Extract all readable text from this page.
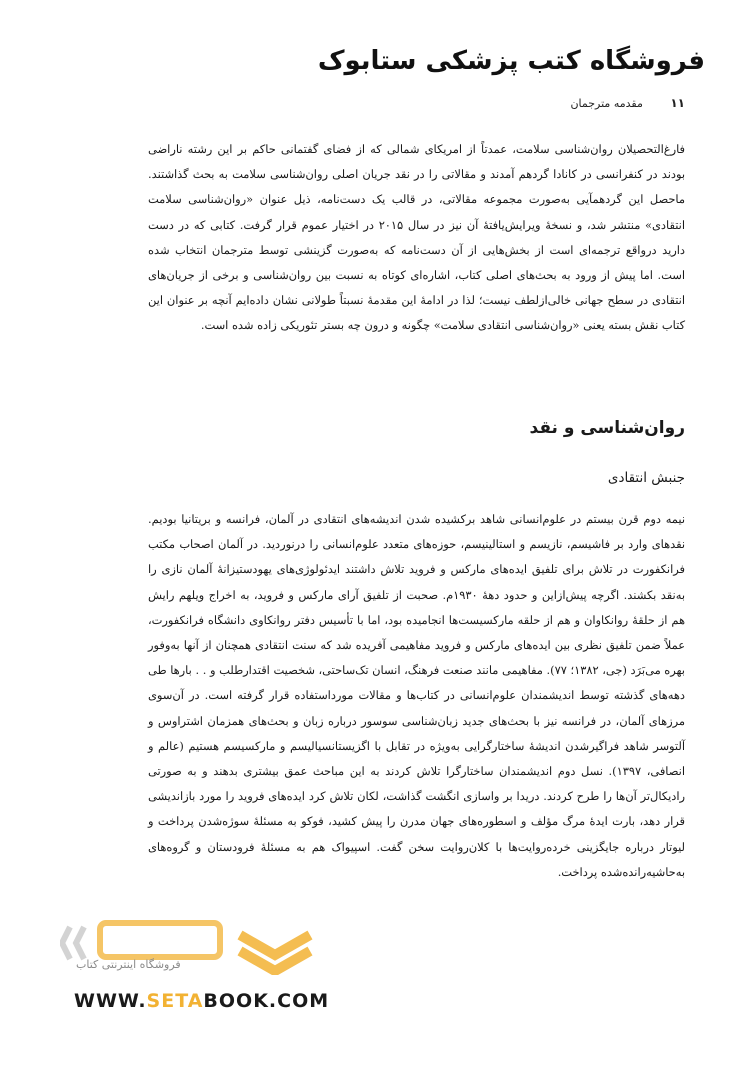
فروشگاه کتب پزشکی ستابوک
۱۱ مقدمه مترجمان
فارغ‌التحصیلان روان‌شناسی سلامت، عمدتاً از امریکای شمالی که از فضای گفتمانی حاکم بر این رشته ناراضی بودند در کنفرانسی در کانادا گردهم آمدند و مقالاتی را در نقد جریان اصلی روان‌شناسی سلامت به بحث گذاشتند. ماحصل این گردهمآیی به‌صورت مجموعه مقالاتی، در قالب یک دست‌نامه، ذیل عنوان «روان‌شناسی سلامت انتقادی» منتشر شد، و نسخهٔ ویرایش‌یافتهٔ آن نیز در سال ۲۰۱۵ در اختیار عموم قرار گرفت. کتابی که در دست دارید درواقع ترجمه‌ای است از بخش‌هایی از آن دست‌نامه که به‌صورت گزینشی توسط مترجمان انتخاب شده است. اما پیش از ورود به بحث‌های اصلی کتاب، اشاره‌ای کوتاه به نسبت بین روان‌شناسی و برخی از جریان‌های انتقادی در سطح جهانی خالی‌ازلطف نیست؛ لذا در ادامهٔ این مقدمهٔ نسبتاً طولانی نشان داده‌ایم آنچه بر عنوان این کتاب نقش بسته یعنی «روان‌شناسی انتقادی سلامت» چگونه و درون چه بستر تئوریکی زاده شده است.
روان‌شناسی و نقد
جنبش انتقادی
نیمه دوم قرن بیستم در علوم‌انسانی شاهد برکشیده شدن اندیشه‌های انتقادی در آلمان، فرانسه و بریتانیا بودیم. نقدهای وارد بر فاشیسم، نازیسم و استالینیسم، حوزه‌های متعدد علوم‌انسانی را درنوردید. در آلمان اصحاب مکتب فرانکفورت در تلاش برای تلفیق ایده‌های مارکس و فروید تلاش داشتند ایدئولوژی‌های یهودستیزانهٔ آلمان نازی را به‌نقد بکشند. اگرچه پیش‌ازاین و حدود دههٔ ۱۹۳۰م. صحبت از تلفیق آرای مارکس و فروید، به اخراج ویلهم رایش هم از حلقهٔ روانکاوان و هم از حلقه مارکسیست‌ها انجامیده بود، اما با تأسیس دفتر روانکاوی دانشگاه فرانکفورت، عملاً ضمن تلفیق نظری بین ایده‌های مارکس و فروید مفاهیمی آفریده شد که سنت انتقادی همچنان از آنها به‌وفور بهره می‌بَرَد (جی، ۱۳۸۲؛ ۷۷). مفاهیمی مانند صنعت فرهنگ، انسان تک‌ساحتی، شخصیت اقتدارطلب و . . بارها طی دهه‌های گذشته توسط اندیشمندان علوم‌انسانی در کتاب‌ها و مقالات مورداستفاده قرار گرفته است. در آن‌سوی مرزهای آلمان، در فرانسه نیز با بحث‌های جدید زبان‌شناسی سوسور درباره زبان و بحث‌های همزمان اشتراوس و آلتوسر شاهد فراگیرشدن اندیشهٔ ساختارگرایی به‌ویژه در تقابل با اگزیستانسیالیسم و مارکسیسم هستیم (عالم و انصافی، ۱۳۹۷). نسل دوم اندیشمندان ساختارگرا تلاش کردند به این مباحث عمق بیشتری بدهند و به صورتی رادیکال‌تر آن‌ها را طرح کردند. دریدا بر واسازی انگشت گذاشت، لکان تلاش کرد ایده‌های فروید را مورد بازاندیشی قرار دهد، بارت ایدهٔ مرگ مؤلف و اسطوره‌های جهان مدرن را پیش کشید، فوکو به مسئلهٔ سوژه‌شدن پرداخت و لیوتار درباره جایگزینی خرده‌روایت‌ها با کلان‌روایت سخن گفت. اسپیواک هم به مسئلهٔ فرودستان و گروه‌های به‌حاشیه‌رانده‌شده پرداخت.
فروشگاه اینترنتی کتاب
WWW.SETABOOK.COM
